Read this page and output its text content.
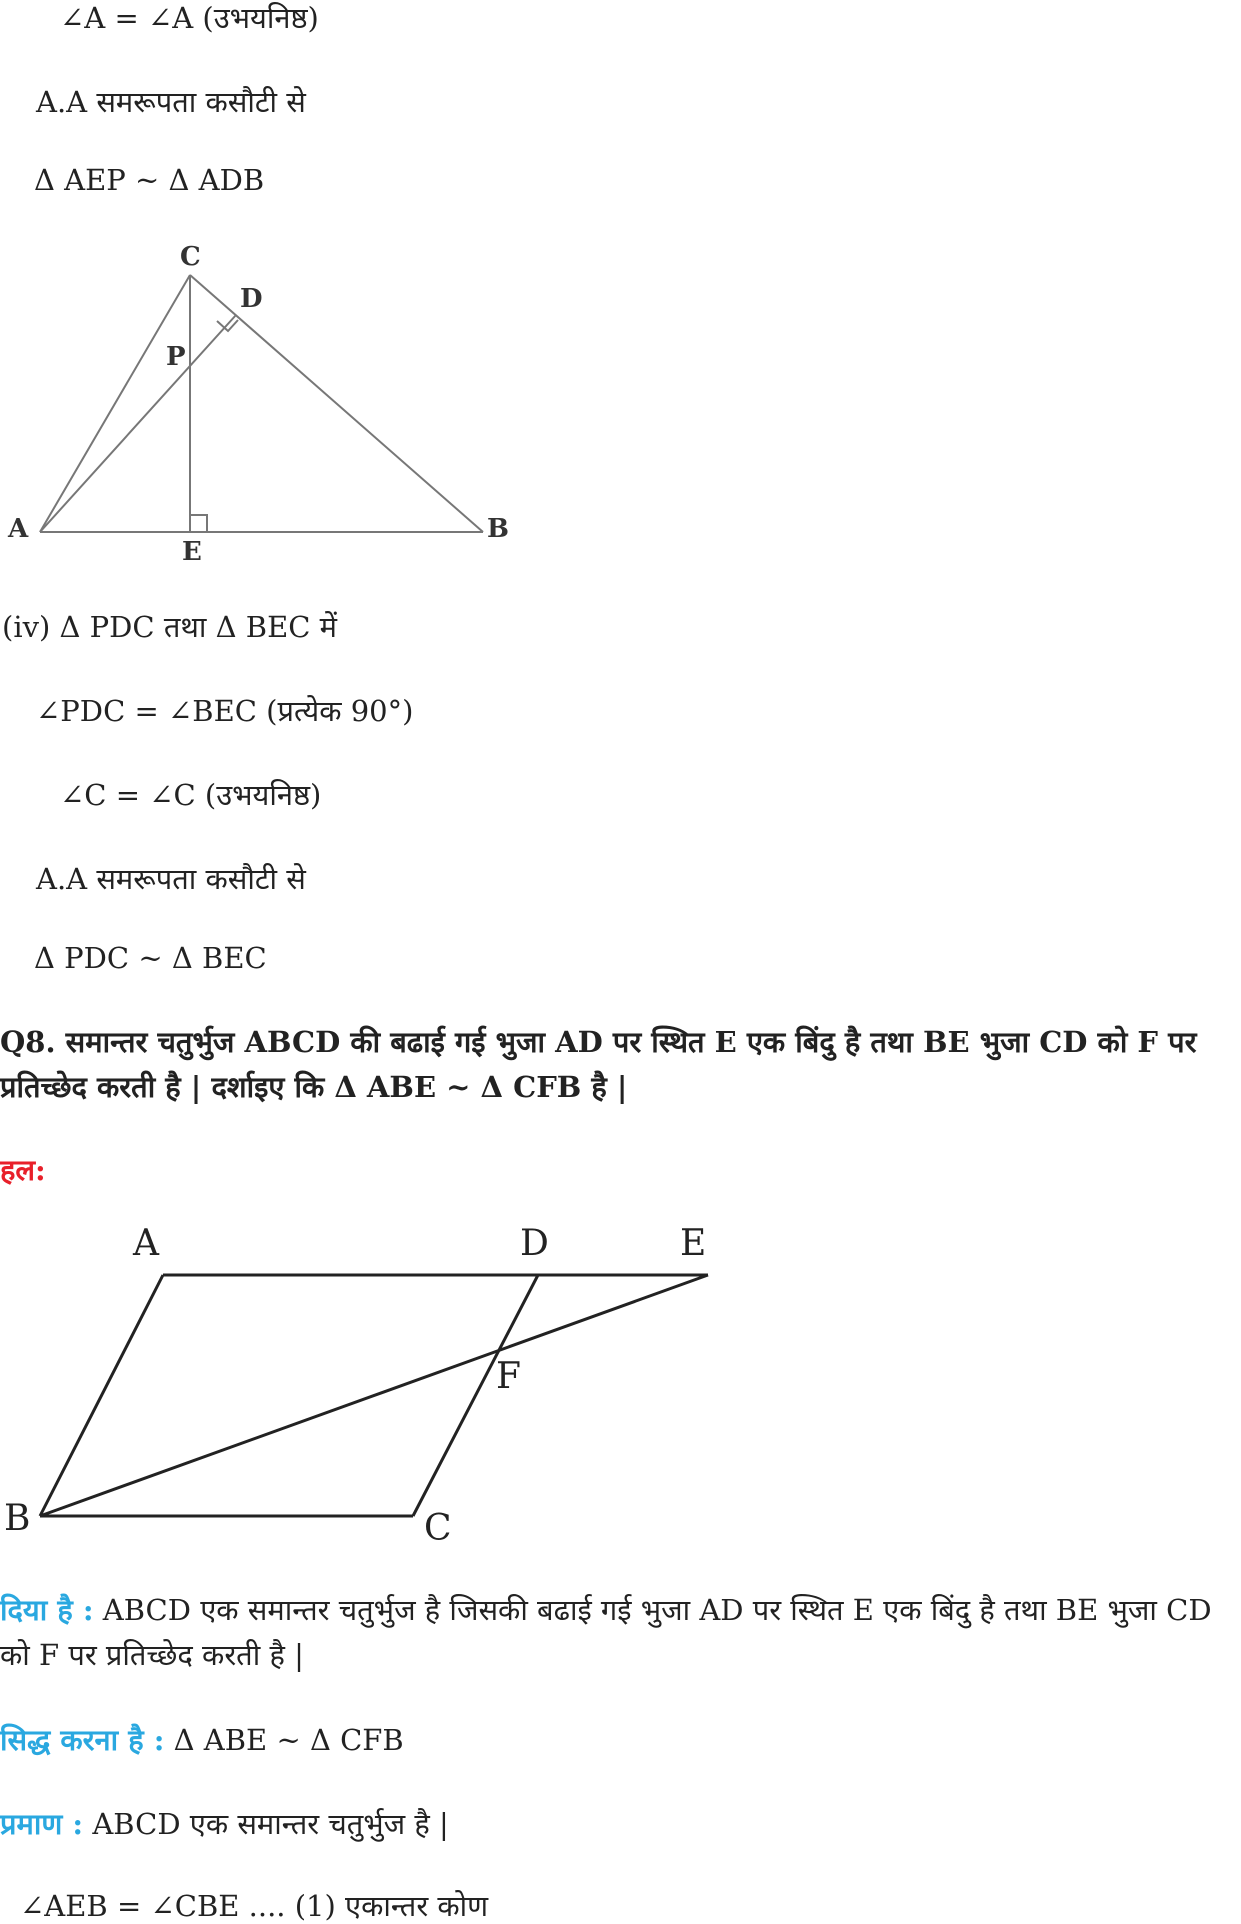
∠A = ∠A (उभयनिष्ठ)
A.A समरूपता कसौटी से
Δ AEP ~ Δ ADB
C
D
P
A	B
E
(iv) Δ PDC तथा Δ BEC में
∠PDC = ∠BEC (प्रत्येक 90°)
∠C = ∠C (उभयनिष्ठ)
A.A समरूपता कसौटी से
Δ PDC ~ Δ BEC
Q8. समान्तर चतुर्भुज ABCD की बढाई गई भुजा AD पर स्थित E एक बिंदु है तथा BE भुजा CD को F पर प्रतिच्छेद करती है | दर्शाइए कि Δ ABE ~ Δ CFB है |
हल:
A	D	E
F
B	C
दिया है : ABCD एक समान्तर चतुर्भुज है जिसकी बढाई गई भुजा AD पर स्थित E एक बिंदु है तथा BE भुजा CD को F पर प्रतिच्छेद करती है |
सिद्ध करना है : Δ ABE ~ Δ CFB
प्रमाण : ABCD एक समान्तर चतुर्भुज है |
∠AEB = ∠CBE .... (1) एकान्तर कोण
